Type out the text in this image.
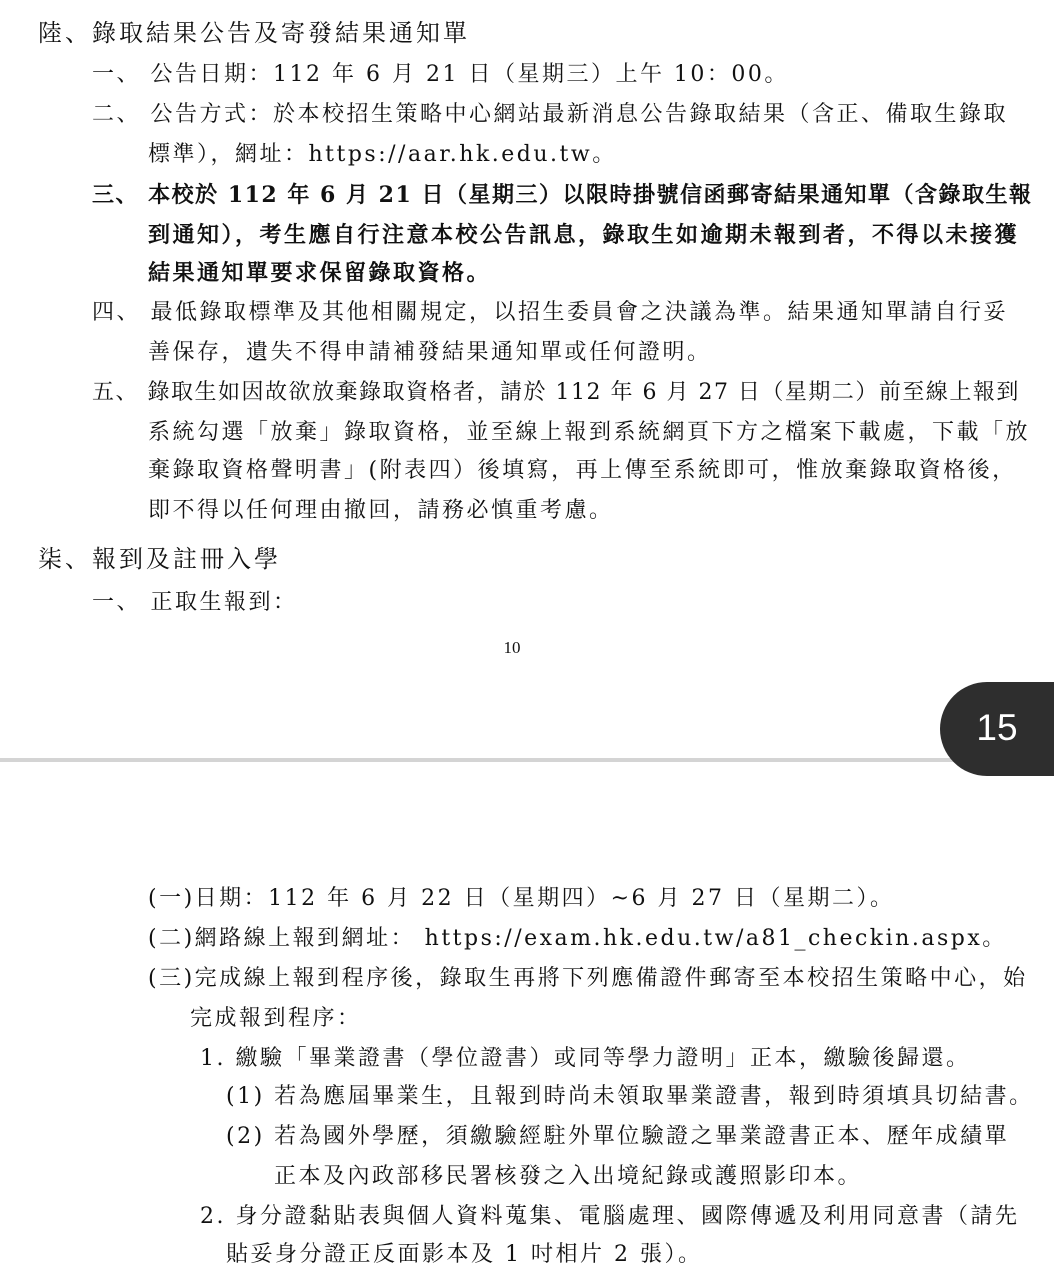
陸、錄取結果公告及寄發結果通知單
一、 公告日期：112 年 6 月 21 日（星期三）上午 10：00。
二、 公告方式：於本校招生策略中心網站最新消息公告錄取結果（含正、備取生錄取
標準），網址：https://aar.hk.edu.tw。
三、 本校於 112 年 6 月 21 日（星期三）以限時掛號信函郵寄結果通知單（含錄取生報
到通知），考生應自行注意本校公告訊息，錄取生如逾期未報到者，不得以未接獲
結果通知單要求保留錄取資格。
四、 最低錄取標準及其他相關規定，以招生委員會之決議為準。結果通知單請自行妥
善保存，遺失不得申請補發結果通知單或任何證明。
五、 錄取生如因故欲放棄錄取資格者，請於 112 年 6 月 27 日（星期二）前至線上報到
系統勾選「放棄」錄取資格，並至線上報到系統網頁下方之檔案下載處，下載「放
棄錄取資格聲明書」(附表四）後填寫，再上傳至系統即可，惟放棄錄取資格後，
即不得以任何理由撤回，請務必慎重考慮。
柒、報到及註冊入學
一、 正取生報到：
10
15
(一)日期：112 年 6 月 22 日（星期四）~6 月 27 日（星期二）。
(二)網路線上報到網址： https://exam.hk.edu.tw/a81_checkin.aspx。
(三)完成線上報到程序後，錄取生再將下列應備證件郵寄至本校招生策略中心，始
完成報到程序：
1. 繳驗「畢業證書（學位證書）或同等學力證明」正本，繳驗後歸還。
(1) 若為應屆畢業生，且報到時尚未領取畢業證書，報到時須填具切結書。
(2) 若為國外學歷，須繳驗經駐外單位驗證之畢業證書正本、歷年成績單
正本及內政部移民署核發之入出境紀錄或護照影印本。
2. 身分證黏貼表與個人資料蒐集、電腦處理、國際傳遞及利用同意書（請先
貼妥身分證正反面影本及 1 吋相片 2 張）。
